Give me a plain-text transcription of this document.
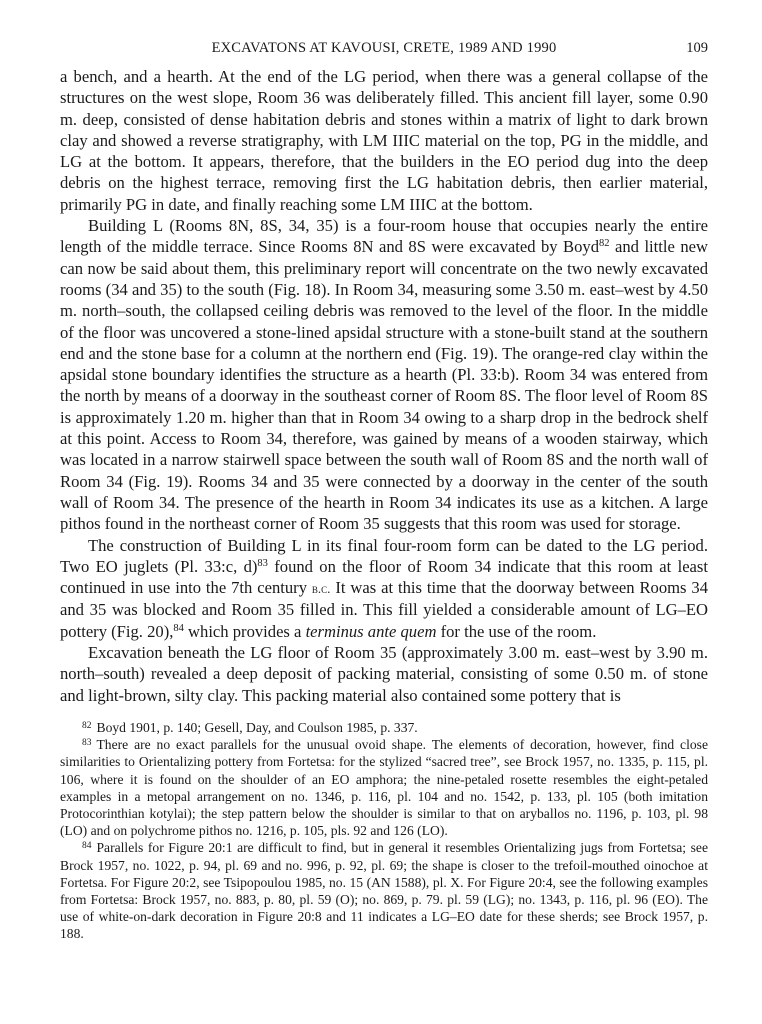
EXCAVATONS AT KAVOUSI, CRETE, 1989 AND 1990	109

a bench, and a hearth. At the end of the LG period, when there was a general collapse of the structures on the west slope, Room 36 was deliberately filled. This ancient fill layer, some 0.90 m. deep, consisted of dense habitation debris and stones within a matrix of light to dark brown clay and showed a reverse stratigraphy, with LM IIIC material on the top, PG in the middle, and LG at the bottom. It appears, therefore, that the builders in the EO period dug into the deep debris on the highest terrace, removing first the LG habitation debris, then earlier material, primarily PG in date, and finally reaching some LM IIIC at the bottom.

Building L (Rooms 8N, 8S, 34, 35) is a four-room house that occupies nearly the entire length of the middle terrace. Since Rooms 8N and 8S were excavated by Boyd$^{82}$ and little new can now be said about them, this preliminary report will concentrate on the two newly excavated rooms (34 and 35) to the south (Fig. 18). In Room 34, measuring some 3.50 m. east–west by 4.50 m. north–south, the collapsed ceiling debris was removed to the level of the floor. In the middle of the floor was uncovered a stone-lined apsidal structure with a stone-built stand at the southern end and the stone base for a column at the northern end (Fig. 19). The orange-red clay within the apsidal stone boundary identifies the structure as a hearth (Pl. 33:b). Room 34 was entered from the north by means of a doorway in the southeast corner of Room 8S. The floor level of Room 8S is approximately 1.20 m. higher than that in Room 34 owing to a sharp drop in the bedrock shelf at this point. Access to Room 34, therefore, was gained by means of a wooden stairway, which was located in a narrow stairwell space between the south wall of Room 8S and the north wall of Room 34 (Fig. 19). Rooms 34 and 35 were connected by a doorway in the center of the south wall of Room 34. The presence of the hearth in Room 34 indicates its use as a kitchen. A large pithos found in the northeast corner of Room 35 suggests that this room was used for storage.

The construction of Building L in its final four-room form can be dated to the LG period. Two EO juglets (Pl. 33:c, d)$^{83}$ found on the floor of Room 34 indicate that this room at least continued in use into the 7th century b.c. It was at this time that the doorway between Rooms 34 and 35 was blocked and Room 35 filled in. This fill yielded a considerable amount of LG–EO pottery (Fig. 20),$^{84}$ which provides a terminus ante quem for the use of the room.

Excavation beneath the LG floor of Room 35 (approximately 3.00 m. east–west by 3.90 m. north–south) revealed a deep deposit of packing material, consisting of some 0.50 m. of stone and light-brown, silty clay. This packing material also contained some pottery that is

$^{82}$ Boyd 1901, p. 140; Gesell, Day, and Coulson 1985, p. 337.

$^{83}$ There are no exact parallels for the unusual ovoid shape. The elements of decoration, however, find close similarities to Orientalizing pottery from Fortetsa: for the stylized “sacred tree”, see Brock 1957, no. 1335, p. 115, pl. 106, where it is found on the shoulder of an EO amphora; the nine-petaled rosette resembles the eight-petaled examples in a metopal arrangement on no. 1346, p. 116, pl. 104 and no. 1542, p. 133, pl. 105 (both imitation Protocorinthian kotylai); the step pattern below the shoulder is similar to that on aryballos no. 1196, p. 103, pl. 98 (LO) and on polychrome pithos no. 1216, p. 105, pls. 92 and 126 (LO).

$^{84}$ Parallels for Figure 20:1 are difficult to find, but in general it resembles Orientalizing jugs from Fortetsa; see Brock 1957, no. 1022, p. 94, pl. 69 and no. 996, p. 92, pl. 69; the shape is closer to the trefoil-mouthed oinochoe at Fortetsa. For Figure 20:2, see Tsipopoulou 1985, no. 15 (AN 1588), pl. X. For Figure 20:4, see the following examples from Fortetsa: Brock 1957, no. 883, p. 80, pl. 59 (O); no. 869, p. 79. pl. 59 (LG); no. 1343, p. 116, pl. 96 (EO). The use of white-on-dark decoration in Figure 20:8 and 11 indicates a LG–EO date for these sherds; see Brock 1957, p. 188.
